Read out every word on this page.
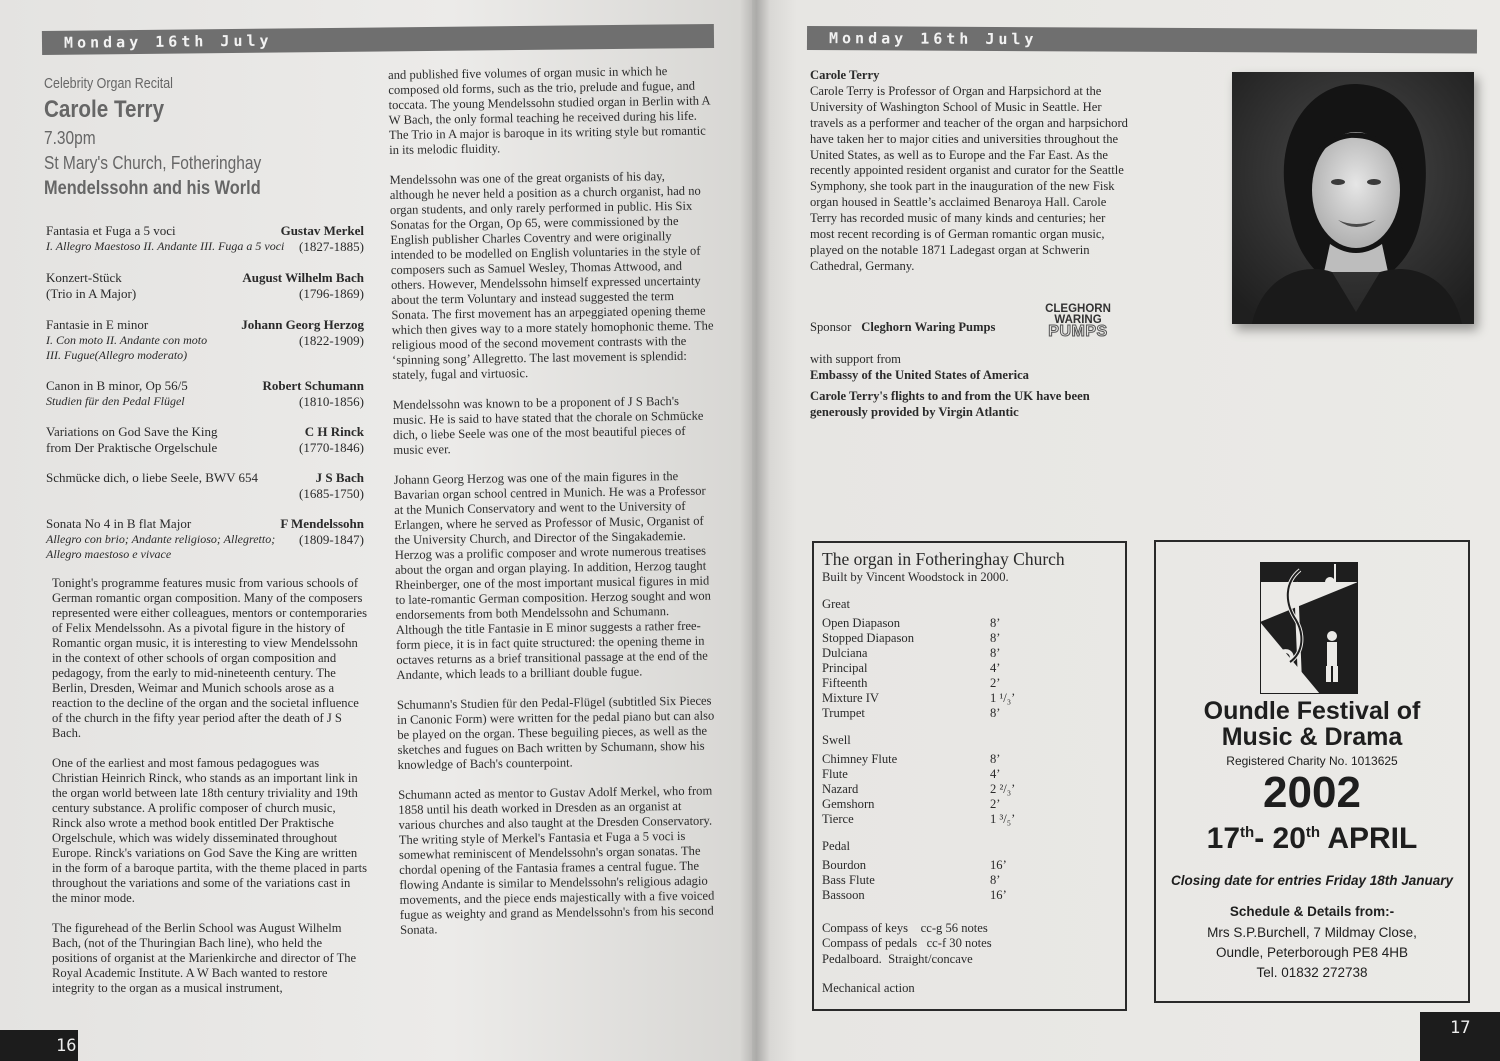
Monday 16th July
Celebrity Organ Recital
Carole Terry
7.30pm
St Mary's Church, Fotheringhay
Mendelssohn and his World
Fantasia et Fuga a 5 voci	Gustav Merkel
I. Allegro Maestoso II. Andante III. Fuga a 5 voci (1827-1885)
Konzert-Stück	August Wilhelm Bach
(Trio in A Major)	(1796-1869)
Fantasie in E minor	Johann Georg Herzog
I. Con moto II. Andante con moto	(1822-1909)
III. Fugue(Allegro moderato)
Canon in B minor, Op 56/5	Robert Schumann
Studien für den Pedal Flügel	(1810-1856)
Variations on God Save the King	C H Rinck
from Der Praktische Orgelschule	(1770-1846)
Schmücke dich, o liebe Seele, BWV 654	J S Bach
(1685-1750)
Sonata No 4 in B flat Major	F Mendelssohn
Allegro con brio; Andante religioso; Allegretto; (1809-1847)
Allegro maestoso e vivace

Tonight's programme features music from various schools of German romantic organ composition. Many of the composers represented were either colleagues, mentors or contemporaries of Felix Mendelssohn. As a pivotal figure in the history of Romantic organ music, it is interesting to view Mendelssohn in the context of other schools of organ composition and pedagogy, from the early to mid-nineteenth century. The Berlin, Dresden, Weimar and Munich schools arose as a reaction to the decline of the organ and the societal influence of the church in the fifty year period after the death of J S Bach.

One of the earliest and most famous pedagogues was Christian Heinrich Rinck, who stands as an important link in the organ world between late 18th century triviality and 19th century substance. A prolific composer of church music, Rinck also wrote a method book entitled Der Praktische Orgelschule, which was widely disseminated throughout Europe. Rinck's variations on God Save the King are written in the form of a baroque partita, with the theme placed in parts throughout the variations and some of the variations cast in the minor mode.

The figurehead of the Berlin School was August Wilhelm Bach, (not of the Thuringian Bach line), who held the positions of organist at the Marienkirche and director of The Royal Academic Institute. A W Bach wanted to restore integrity to the organ as a musical instrument,

and published five volumes of organ music in which he composed old forms, such as the trio, prelude and fugue, and toccata. The young Mendelssohn studied organ in Berlin with A W Bach, the only formal teaching he received during his life. The Trio in A major is baroque in its writing style but romantic in its melodic fluidity.

Mendelssohn was one of the great organists of his day, although he never held a position as a church organist, had no organ students, and only rarely performed in public. His Six Sonatas for the Organ, Op 65, were commissioned by the English publisher Charles Coventry and were originally intended to be modelled on English voluntaries in the style of composers such as Samuel Wesley, Thomas Attwood, and others. However, Mendelssohn himself expressed uncertainty about the term Voluntary and instead suggested the term Sonata. The first movement has an arpeggiated opening theme which then gives way to a more stately homophonic theme. The religious mood of the second movement contrasts with the ‘spinning song’ Allegretto. The last movement is splendid: stately, fugal and virtuosic.

Mendelssohn was known to be a proponent of J S Bach's music. He is said to have stated that the chorale on Schmücke dich, o liebe Seele was one of the most beautiful pieces of music ever.

Johann Georg Herzog was one of the main figures in the Bavarian organ school centred in Munich. He was a Professor at the Munich Conservatory and went to the University of Erlangen, where he served as Professor of Music, Organist of the University Church, and Director of the Singakademie. Herzog was a prolific composer and wrote numerous treatises about the organ and organ playing. In addition, Herzog taught Rheinberger, one of the most important musical figures in mid to late-romantic German composition. Herzog sought and won endorsements from both Mendelssohn and Schumann. Although the title Fantasie in E minor suggests a rather free-form piece, it is in fact quite structured: the opening theme in octaves returns as a brief transitional passage at the end of the Andante, which leads to a brilliant double fugue.

Schumann's Studien für den Pedal-Flügel (subtitled Six Pieces in Canonic Form) were written for the pedal piano but can also be played on the organ. These beguiling pieces, as well as the sketches and fugues on Bach written by Schumann, show his knowledge of Bach's counterpoint.

Schumann acted as mentor to Gustav Adolf Merkel, who from 1858 until his death worked in Dresden as an organist at various churches and also taught at the Dresden Conservatory. The writing style of Merkel's Fantasia et Fuga a 5 voci is somewhat reminiscent of Mendelssohn's organ sonatas. The chordal opening of the Fantasia frames a central fugue. The flowing Andante is similar to Mendelssohn's religious adagio movements, and the piece ends majestically with a five voiced fugue as weighty and grand as Mendelssohn's from his second Sonata.

16
Monday 16th July
Carole Terry
Carole Terry is Professor of Organ and Harpsichord at the University of Washington School of Music in Seattle. Her travels as a performer and teacher of the organ and harpsichord have taken her to major cities and universities throughout the United States, as well as to Europe and the Far East. As the recently appointed resident organist and curator for the Seattle Symphony, she took part in the inauguration of the new Fisk organ housed in Seattle’s acclaimed Benaroya Hall. Carole Terry has recorded music of many kinds and centuries; her most recent recording is of German romantic organ music, played on the notable 1871 Ladegast organ at Schwerin Cathedral, Germany.
Sponsor Cleghorn Waring Pumps
CLEGHORN
WARING
PUMPS
with support from
Embassy of the United States of America
Carole Terry's flights to and from the UK have been generously provided by Virgin Atlantic
The organ in Fotheringhay Church
Built by Vincent Woodstock in 2000.
Great
Open Diapason	8’
Stopped Diapason	8’
Dulciana	8’
Principal	4’
Fifteenth	2’
Mixture IV	1 ¹/₃’
Trumpet	8’
Swell
Chimney Flute	8’
Flute	4’
Nazard	2 ²/₃’
Gemshorn	2’
Tierce	1 ³/₅’
Pedal
Bourdon	16’
Bass Flute	8’
Bassoon	16’
Compass of keys    cc-g 56 notes
Compass of pedals   cc-f 30 notes
Pedalboard.  Straight/concave
Mechanical action
Oundle Festival of
Music & Drama
Registered Charity No. 1013625
2002
17th- 20th APRIL
Closing date for entries Friday 18th January
Schedule & Details from:-
Mrs S.P.Burchell, 7 Mildmay Close,
Oundle, Peterborough PE8 4HB
Tel. 01832 272738
17
